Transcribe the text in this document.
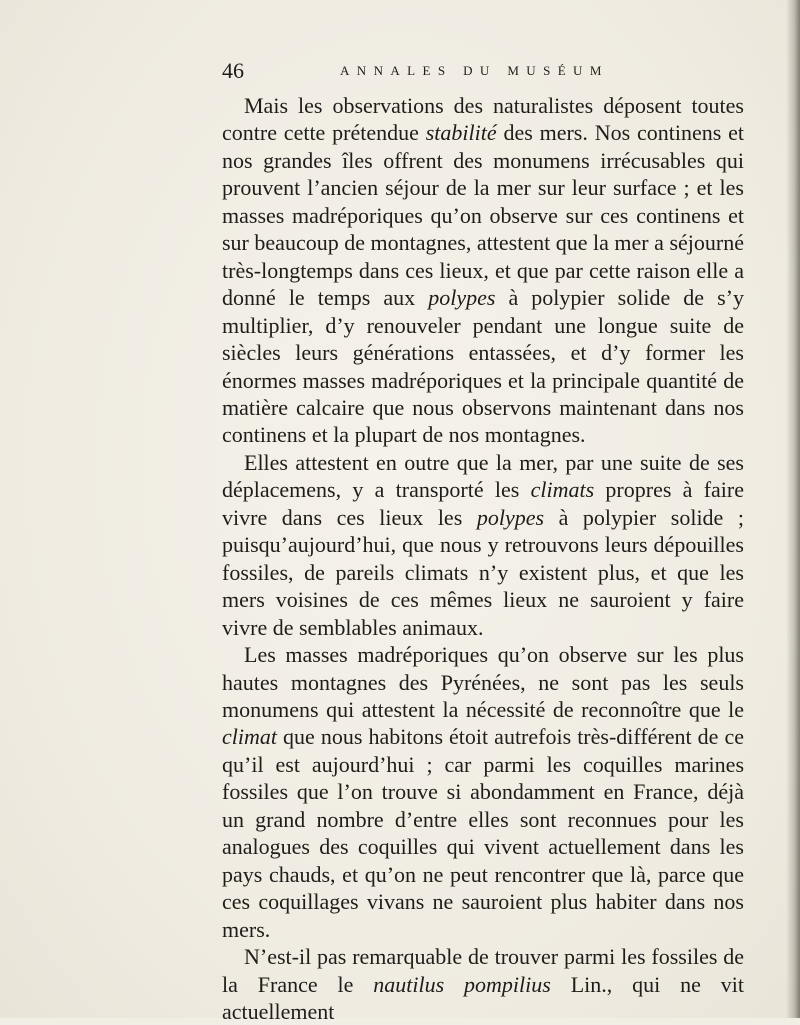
46	ANNALES DU MUSÉUM

Mais les observations des naturalistes déposent toutes contre cette prétendue stabilité des mers. Nos continens et nos grandes îles offrent des monumens irrécusables qui prouvent l’ancien séjour de la mer sur leur surface ; et les masses madréporiques qu’on observe sur ces continens et sur beaucoup de montagnes, attestent que la mer a séjourné très-longtemps dans ces lieux, et que par cette raison elle a donné le temps aux polypes à polypier solide de s’y multiplier, d’y renouveler pendant une longue suite de siècles leurs générations entassées, et d’y former les énormes masses madréporiques et la principale quantité de matière calcaire que nous observons maintenant dans nos continens et la plupart de nos montagnes.

Elles attestent en outre que la mer, par une suite de ses déplacemens, y a transporté les climats propres à faire vivre dans ces lieux les polypes à polypier solide ; puisqu’aujourd’hui, que nous y retrouvons leurs dépouilles fossiles, de pareils climats n’y existent plus, et que les mers voisines de ces mêmes lieux ne sauroient y faire vivre de semblables animaux.

Les masses madréporiques qu’on observe sur les plus hautes montagnes des Pyrénées, ne sont pas les seuls monumens qui attestent la nécessité de reconnoître que le climat que nous habitons étoit autrefois très-différent de ce qu’il est aujourd’hui ; car parmi les coquilles marines fossiles que l’on trouve si abondamment en France, déjà un grand nombre d’entre elles sont reconnues pour les analogues des coquilles qui vivent actuellement dans les pays chauds, et qu’on ne peut rencontrer que là, parce que ces coquillages vivans ne sauroient plus habiter dans nos mers.

N’est-il pas remarquable de trouver parmi les fossiles de la France le nautilus pompilius Lin., qui ne vit actuellement
